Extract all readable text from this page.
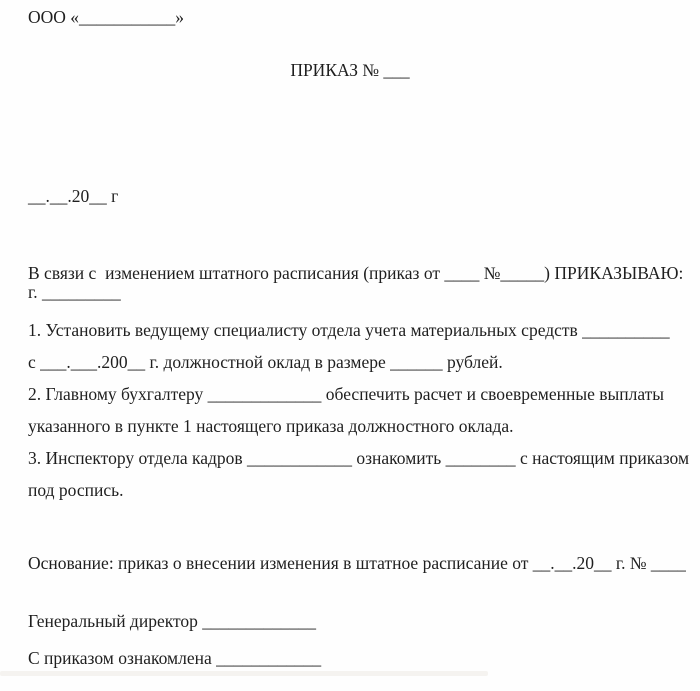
ООО «___________»
ПРИКАЗ № ___

__.__.20__ г

г. _________

В связи с  изменением штатного расписания (приказ от ____ №_____) ПРИКАЗЫВАЮ:
1. Установить ведущему специалисту отдела учета материальных средств __________
с ___.___.200__ г. должностной оклад в размере ______ рублей.
2. Главному бухгалтеру _____________ обеспечить расчет и своевременные выплаты
указанного в пункте 1 настоящего приказа должностного оклада.
3. Инспектору отдела кадров ____________ ознакомить ________ с настоящим приказом
под роспись.
Основание: приказ о внесении изменения в штатное расписание от __.__.20__ г. № ____
Генеральный директор _____________
С приказом ознакомлена ____________
